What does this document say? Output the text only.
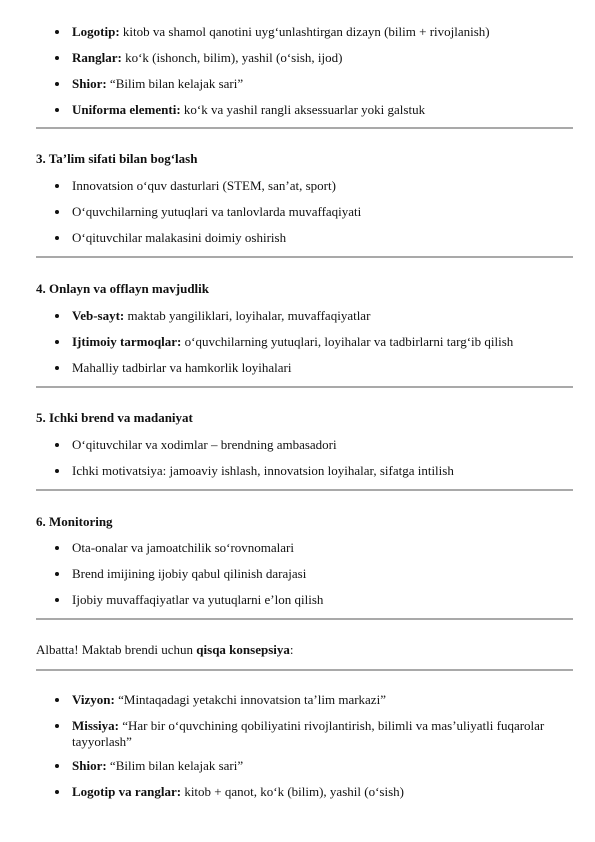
Logotip: kitob va shamol qanotini uyg‘unlashtirgan dizayn (bilim + rivojlanish)
Ranglar: ko‘k (ishonch, bilim), yashil (o‘sish, ijod)
Shior: “Bilim bilan kelajak sari”
Uniforma elementi: ko‘k va yashil rangli aksessuarlar yoki galstuk
3. Ta’lim sifati bilan bog‘lash
Innovatsion o‘quv dasturlari (STEM, san’at, sport)
O‘quvchilarning yutuqlari va tanlovlarda muvaffaqiyati
O‘qituvchilar malakasini doimiy oshirish
4. Onlayn va offlayn mavjudlik
Veb-sayt: maktab yangiliklari, loyihalar, muvaffaqiyatlar
Ijtimoiy tarmoqlar: o‘quvchilarning yutuqlari, loyihalar va tadbirlarni targ‘ib qilish
Mahalliy tadbirlar va hamkorlik loyihalari
5. Ichki brend va madaniyat
O‘qituvchilar va xodimlar – brendning ambasadori
Ichki motivatsiya: jamoaviy ishlash, innovatsion loyihalar, sifatga intilish
6. Monitoring
Ota-onalar va jamoatchilik so‘rovnomalari
Brend imijining ijobiy qabul qilinish darajasi
Ijobiy muvaffaqiyatlar va yutuqlarni e’lon qilish
Albatta! Maktab brendi uchun qisqa konsepsiya:
Vizyon: “Mintaqadagi yetakchi innovatsion ta’lim markazi”
Missiya: “Har bir o‘quvchining qobiliyatini rivojlantirish, bilimli va mas’uliyatli fuqarolar tayyorlash”
Shior: “Bilim bilan kelajak sari”
Logotip va ranglar: kitob + qanot, ko‘k (bilim), yashil (o‘sish)
